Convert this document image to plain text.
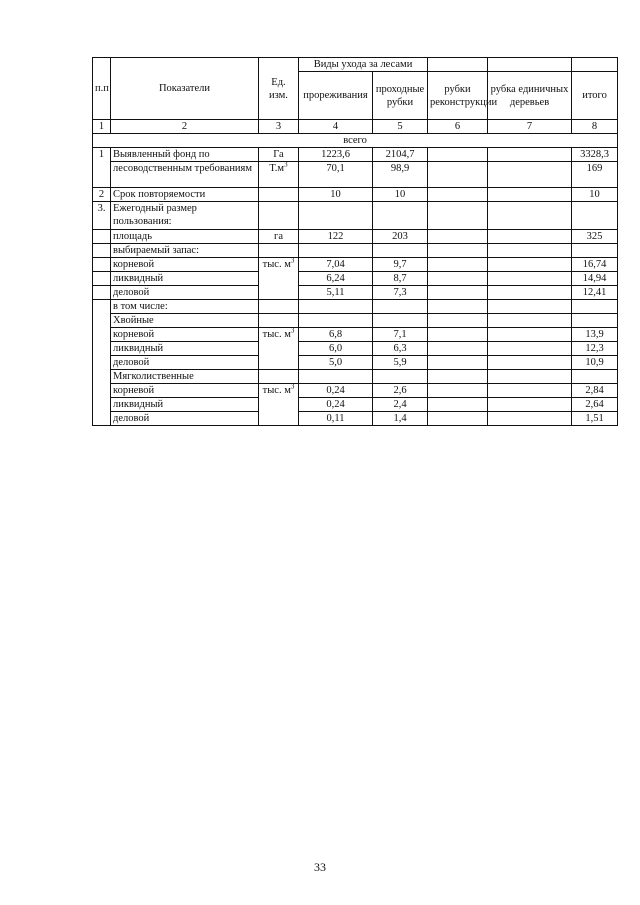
п.п	Показатели	Ед. изм.	Виды ухода за лесами				
			прореживания	проходные рубки	рубки реконструкции	рубка единичных деревьев	итого
1	2	3	4	5	6	7	8
всего							
1	Выявленный фонд по	Га	1223,6	2104,7			3328,3
	лесоводственным требованиям	$Т.м^3$	70,1	98,9			169
2	Срок повторяемости		10	10			10
3.	Ежегодный размер пользования:						
	площадь	га	122	203			325
	выбираемый запас:						
	корневой	тыс. $м^3$	7,04	9,7			16,74
	ликвидный		6,24	8,7			14,94
	деловой		5,11	7,3			12,41
	в том числе:						
	Хвойные						
	корневой	тыс. $м^3$	6,8	7,1			13,9
	ликвидный		6,0	6,3			12,3
	деловой		5,0	5,9			10,9
	Мягколиственные						
	корневой	тыс. $м^3$	0,24	2,6			2,84
	ликвидный		0,24	2,4			2,64
	деловой		0,11	1,4			1,51
33
